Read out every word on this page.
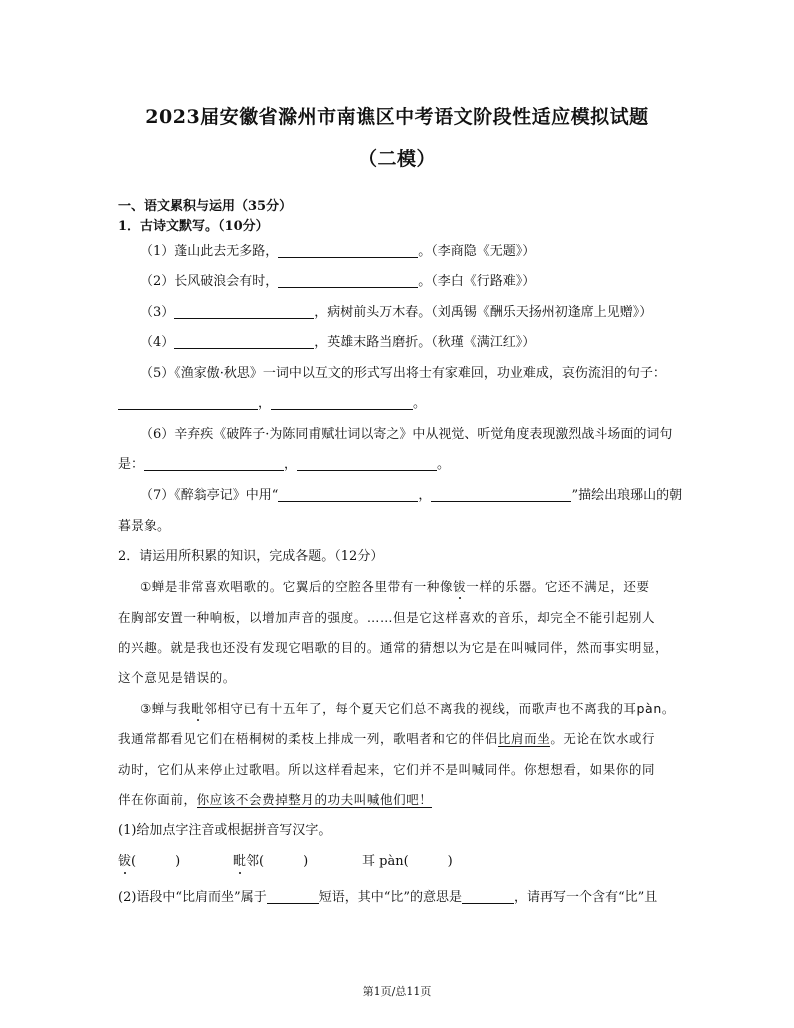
2023届安徽省滁州市南谯区中考语文阶段性适应模拟试题
（二模）
一、语文累积与运用（35分）
1．古诗文默写。（10分）
（1）蓬山此去无多路，	。（李商隐《无题》）
（2）长风破浪会有时，	。（李白《行路难》）
（3）	，病树前头万木春。（刘禹锡《酬乐天扬州初逢席上见赠》）
（4）	，英雄末路当磨折。（秋瑾《满江红》）
（5）《渔家傲·秋思》一词中以互文的形式写出将士有家难回，功业难成，哀伤流泪的句子：
，	。
（6）辛弃疾《破阵子·为陈同甫赋壮词以寄之》中从视觉、听觉角度表现激烈战斗场面的词句
是：	，	。
（7）《醉翁亭记》中用“	，	”描绘出琅琊山的朝
暮景象。
2．请运用所积累的知识，完成各题。（12分）
①蝉是非常喜欢唱歌的。它翼后的空腔各里带有一种像钹一样的乐器。它还不满足，还要
在胸部安置一种响板，以增加声音的强度。……但是它这样喜欢的音乐，却完全不能引起别人
的兴趣。就是我也还没有发现它唱歌的目的。通常的猜想以为它是在叫喊同伴，然而事实明显，
这个意见是错误的。
③蝉与我毗邻相守已有十五年了，每个夏天它们总不离我的视线，而歌声也不离我的耳pàn。
我通常都看见它们在梧桐树的柔枝上排成一列，歌唱者和它的伴侣比肩而坐。无论在饮水或行
动时，它们从来停止过歌唱。所以这样看起来，它们并不是叫喊同伴。你想想看，如果你的同
伴在你面前，你应该不会费掉整月的功夫叫喊他们吧！
(1)给加点字注音或根据拼音写汉字。
钹(　　　)	毗邻(　　　)	耳 pàn(　　　)
(2)语段中“比肩而坐”属于	短语，其中“比”的意思是	，请再写一个含有“比”且
第1页/总11页
